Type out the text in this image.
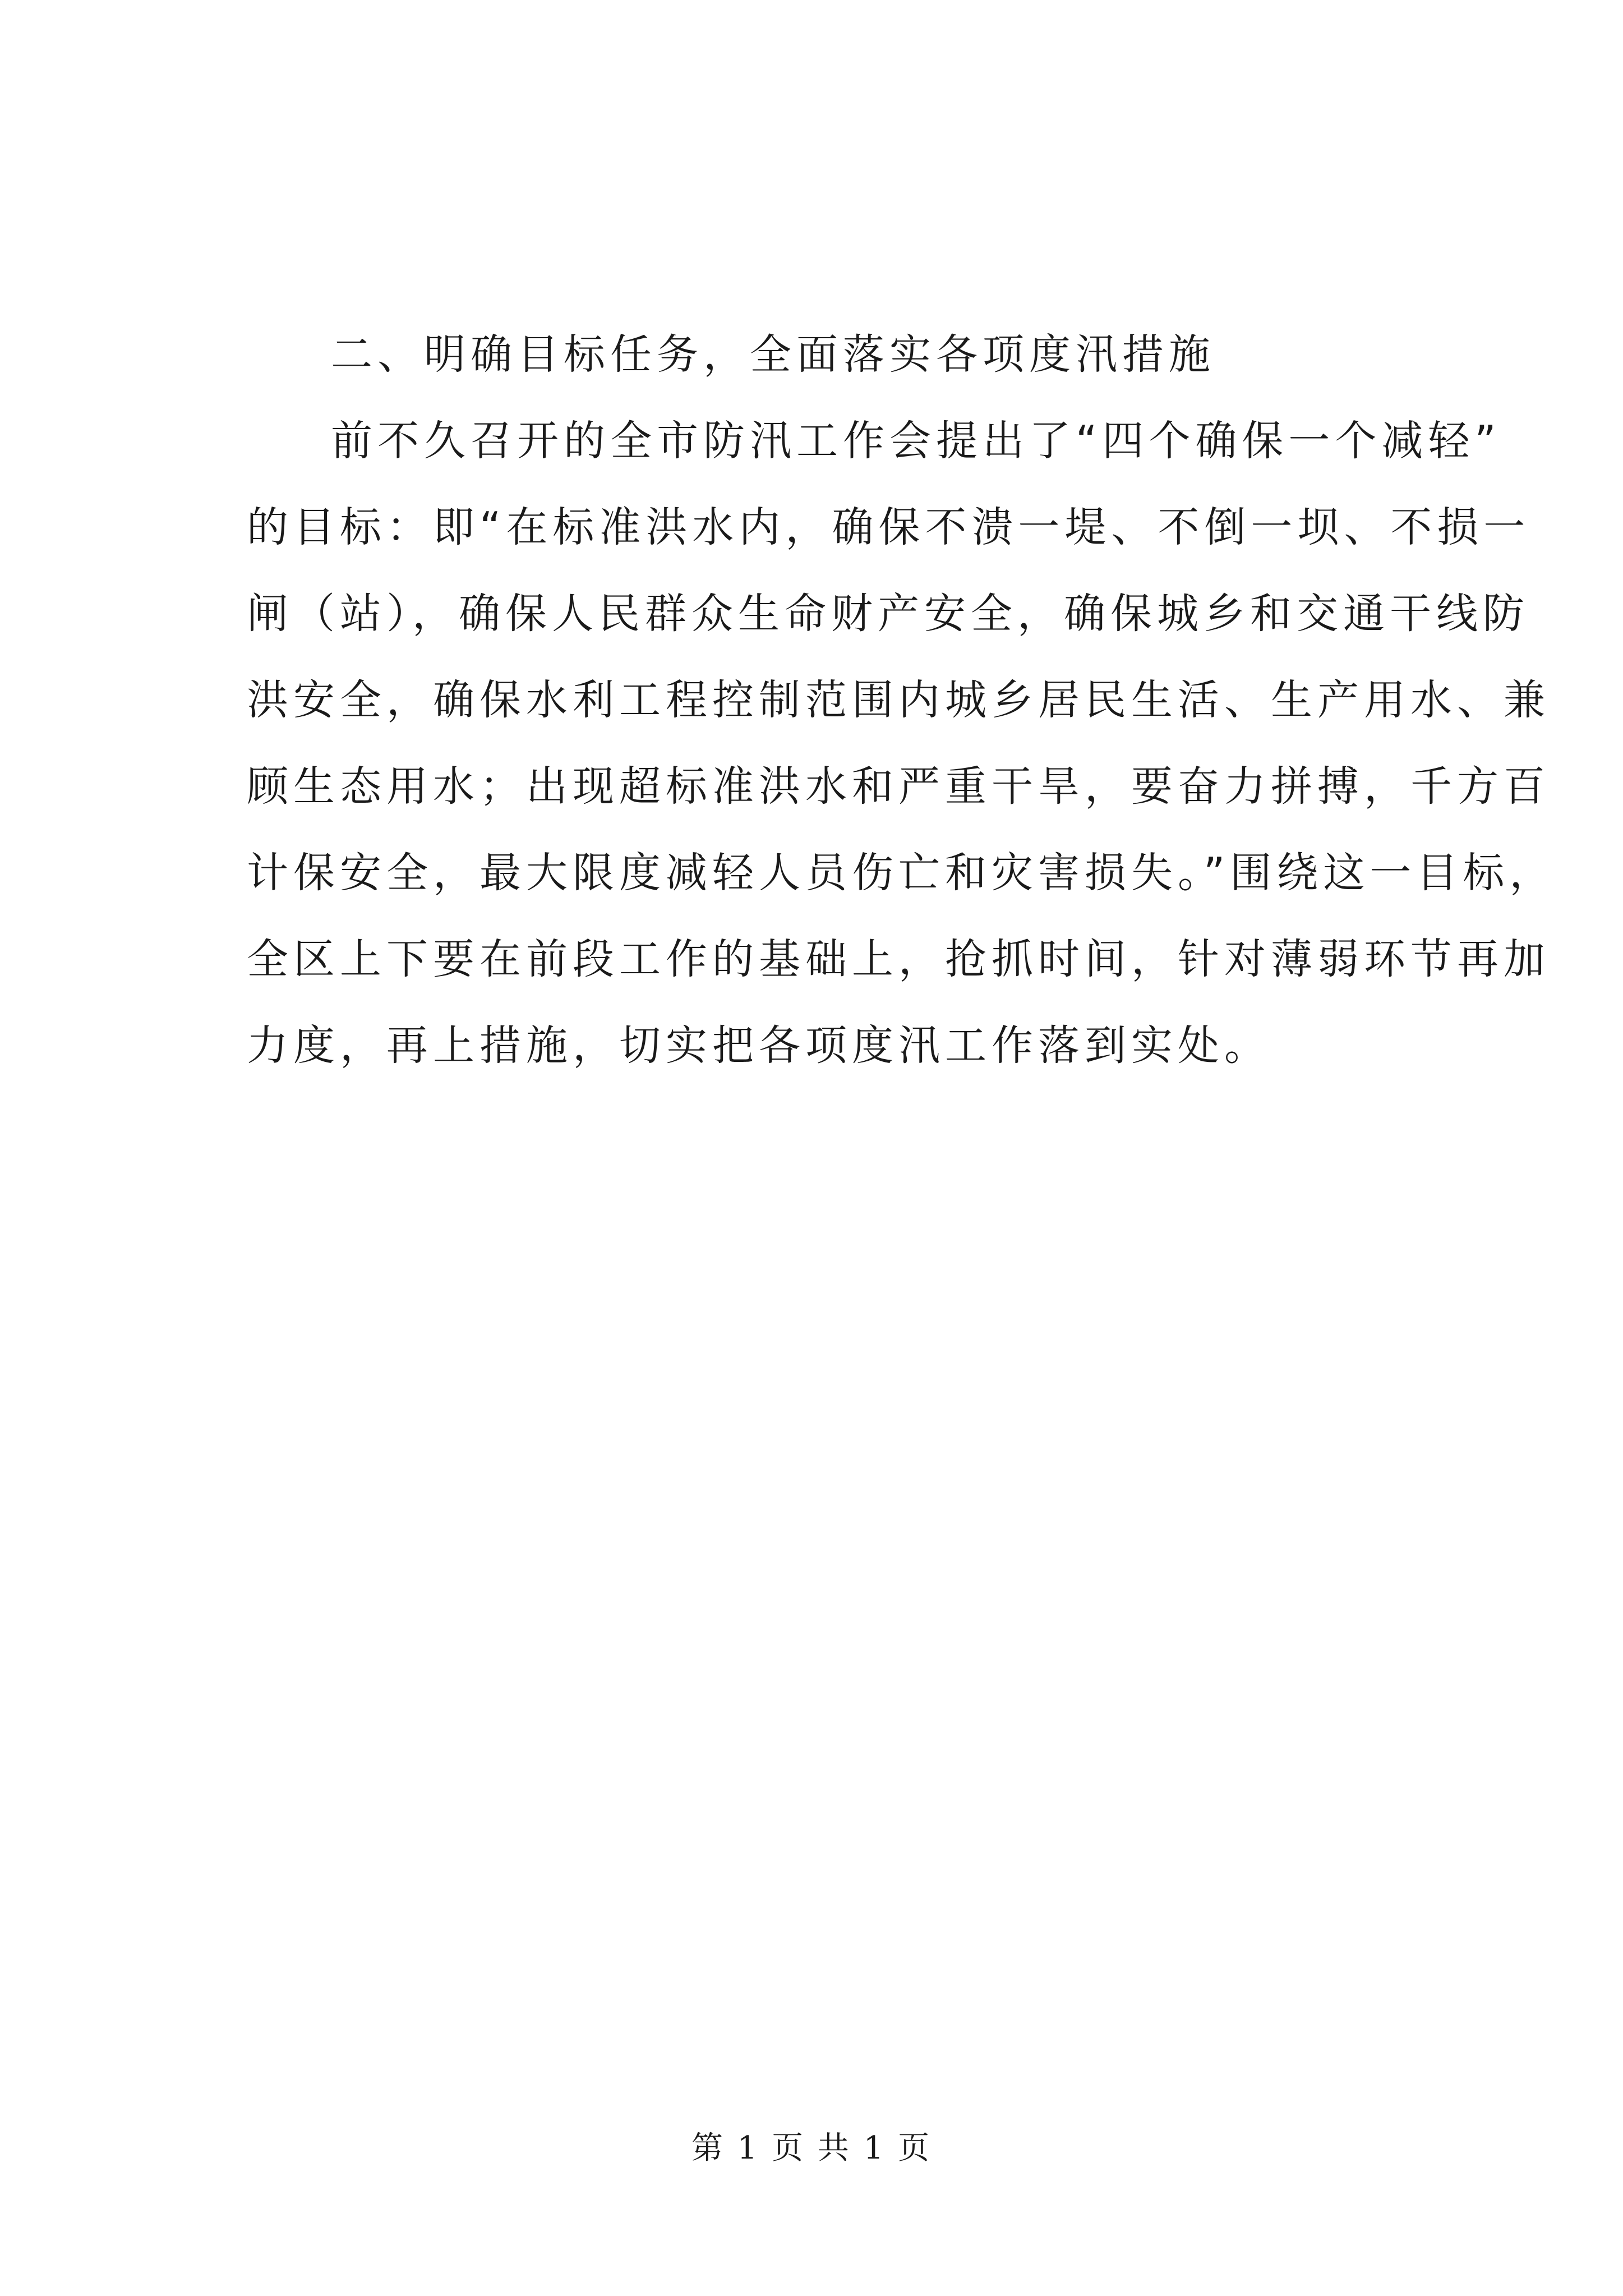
二、明确目标任务，全面落实各项度汛措施
前不久召开的全市防汛工作会提出了“四个确保一个减轻”
的目标：即“在标准洪水内，确保不溃一堤、不倒一坝、不损一
闸（站），确保人民群众生命财产安全，确保城乡和交通干线防
洪安全，确保水利工程控制范围内城乡居民生活、生产用水、兼
顾生态用水；出现超标准洪水和严重干旱，要奋力拼搏，千方百
计保安全，最大限度减轻人员伤亡和灾害损失。”围绕这一目标，
全区上下要在前段工作的基础上，抢抓时间，针对薄弱环节再加
力度，再上措施，切实把各项度汛工作落到实处。
第 1 页 共 1 页
